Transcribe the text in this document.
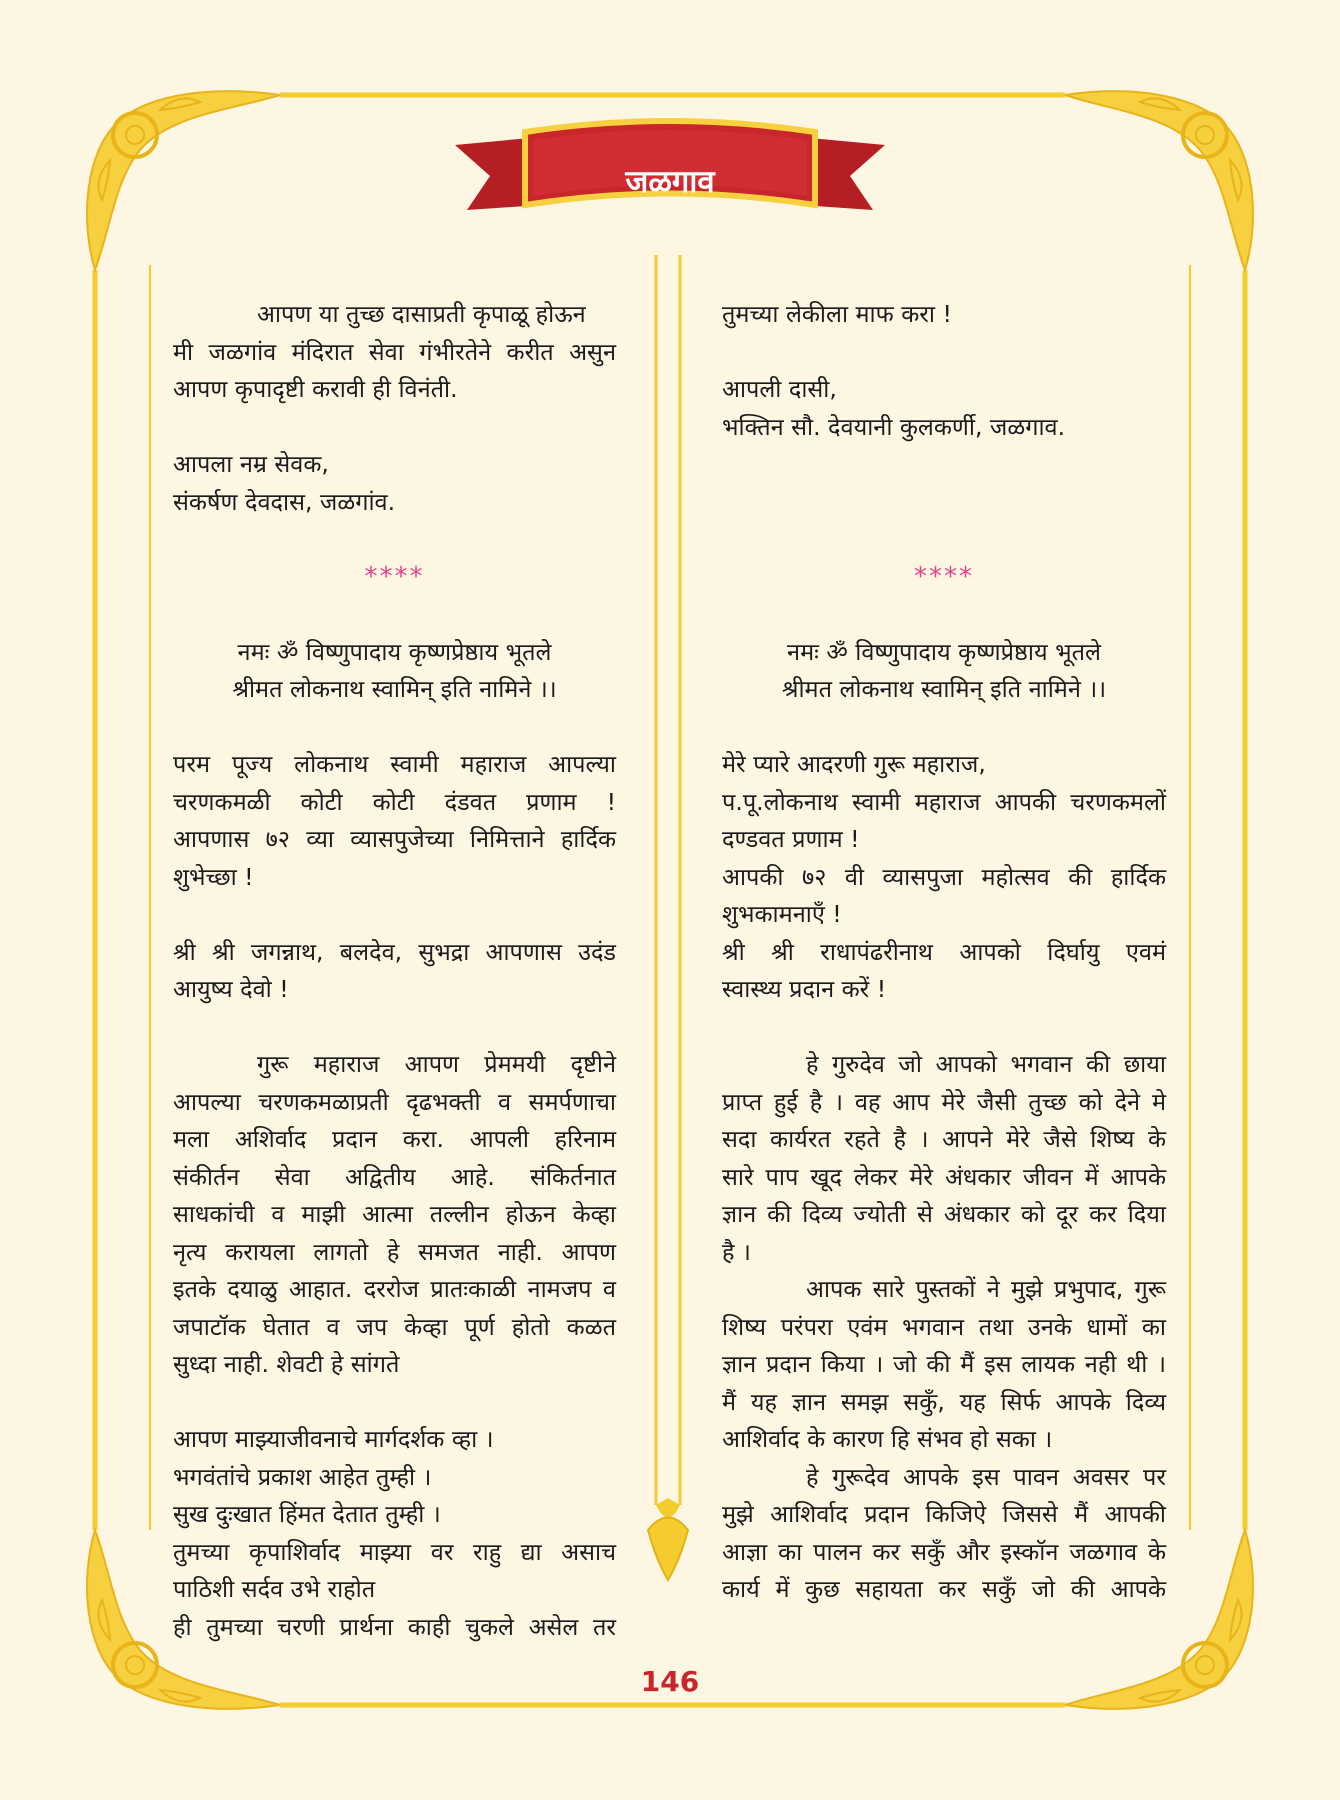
जळगाव

आपण या तुच्छ दासाप्रती कृपाळू होऊन

मी जळगांव मंदिरात सेवा गंभीरतेने करीत असुन

आपण कृपादृष्टी करावी ही विनंती.

आपला नम्र सेवक,

संकर्षण देवदास, जळगांव.

****

नमः ॐ विष्णुपादाय कृष्णप्रेष्ठाय भूतले

श्रीमत लोकनाथ स्वामिन् इति नामिने ।।

परम पूज्य लोकनाथ स्वामी महाराज आपल्या

चरणकमळी कोटी कोटी दंडवत प्रणाम !

आपणास ७२ व्या व्यासपुजेच्या निमित्ताने हार्दिक

शुभेच्छा !

श्री श्री जगन्नाथ, बलदेव, सुभद्रा आपणास उदंड

आयुष्य देवो !

गुरू महाराज आपण प्रेममयी दृष्टीने

आपल्या चरणकमळाप्रती दृढभक्ती व समर्पणाचा

मला अशिर्वाद प्रदान करा. आपली हरिनाम

संकीर्तन सेवा अद्वितीय आहे. संकिर्तनात

साधकांची व माझी आत्मा तल्लीन होऊन केव्हा

नृत्य करायला लागतो हे समजत नाही. आपण

इतके दयाळु आहात. दररोज प्रातःकाळी नामजप व

जपाटॉक घेतात व जप केव्हा पूर्ण होतो कळत

सुध्दा नाही. शेवटी हे सांगते

आपण माझ्याजीवनाचे मार्गदर्शक व्हा ।

भगवंतांचे प्रकाश आहेत तुम्ही ।

सुख दुःखात हिंमत देतात तुम्ही ।

तुमच्या कृपाशिर्वाद माझ्या वर राहु द्या असाच

पाठिशी सर्दव उभे राहोत

ही तुमच्या चरणी प्रार्थना काही चुकले असेल तर

तुमच्या लेकीला माफ करा !

आपली दासी,

भक्तिन सौ. देवयानी कुलकर्णी, जळगाव.

****

नमः ॐ विष्णुपादाय कृष्णप्रेष्ठाय भूतले

श्रीमत लोकनाथ स्वामिन् इति नामिने ।।

मेरे प्यारे आदरणी गुरू महाराज,

प.पू.लोकनाथ स्वामी महाराज आपकी चरणकमलों

दण्डवत प्रणाम !

आपकी ७२ वी व्यासपुजा महोत्सव की हार्दिक

शुभकामनाएँ !

श्री श्री राधापंढरीनाथ आपको दिर्घायु एवमं

स्वास्थ्य प्रदान करें !

हे गुरुदेव जो आपको भगवान की छाया

प्राप्त हुई है । वह आप मेरे जैसी तुच्छ को देने मे

सदा कार्यरत रहते है । आपने मेरे जैसे शिष्य के

सारे पाप खूद लेकर मेरे अंधकार जीवन में आपके

ज्ञान की दिव्य ज्योती से अंधकार को दूर कर दिया

है ।

आपक सारे पुस्तकों ने मुझे प्रभुपाद, गुरू

शिष्य परंपरा एवंम भगवान तथा उनके धामों का

ज्ञान प्रदान किया । जो की मैं इस लायक नही थी ।

मैं यह ज्ञान समझ सकुँ, यह सिर्फ आपके दिव्य

आशिर्वाद के कारण हि संभव हो सका ।

हे गुरूदेव आपके इस पावन अवसर पर

मुझे आशिर्वाद प्रदान किजिऐ जिससे मैं आपकी

आज्ञा का पालन कर सकुँ और इस्कॉन जळगाव के

कार्य में कुछ सहायता कर सकुँ जो की आपके

146
